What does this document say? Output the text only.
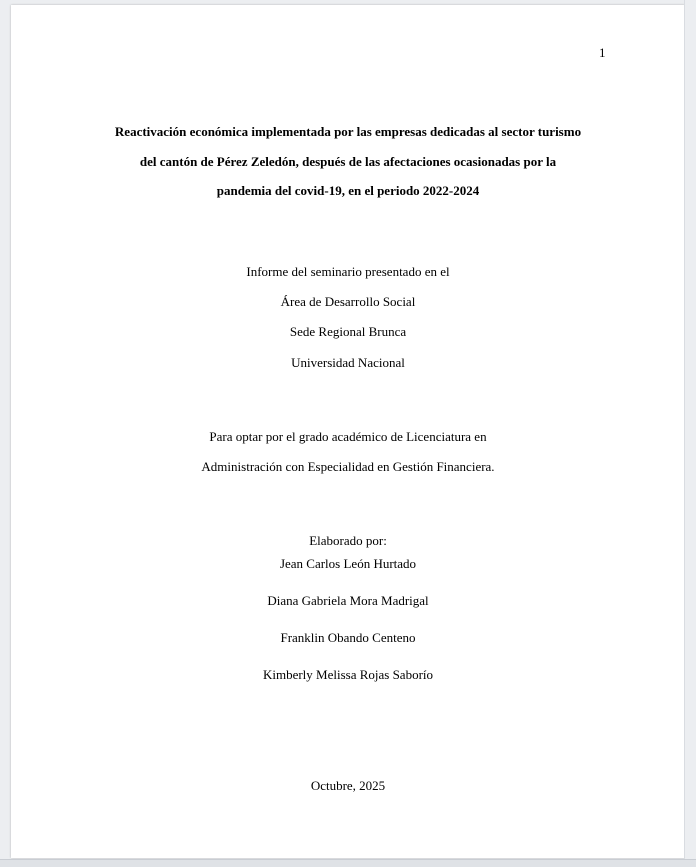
1
Reactivación económica implementada por las empresas dedicadas al sector turismo
del cantón de Pérez Zeledón, después de las afectaciones ocasionadas por la
pandemia del covid-19, en el periodo 2022-2024
Informe del seminario presentado en el
Área de Desarrollo Social
Sede Regional Brunca
Universidad Nacional
Para optar por el grado académico de Licenciatura en
Administración con Especialidad en Gestión Financiera.
Elaborado por:
Jean Carlos León Hurtado
Diana Gabriela Mora Madrigal
Franklin Obando Centeno
Kimberly Melissa Rojas Saborío
Octubre, 2025
